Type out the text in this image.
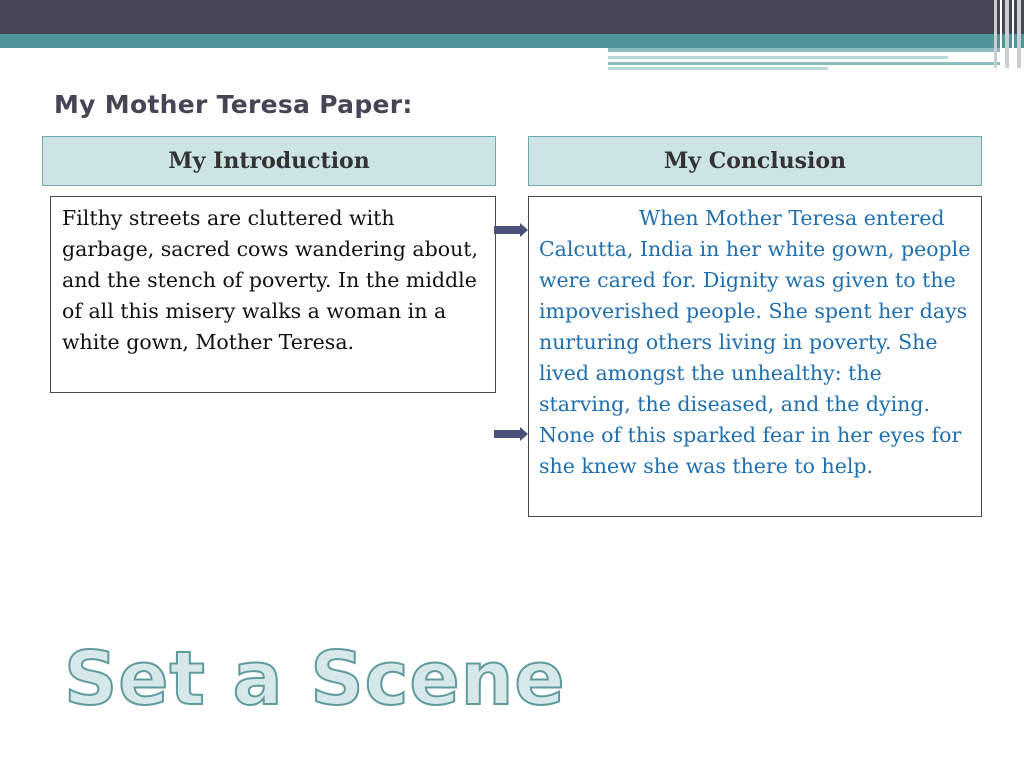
My Mother Teresa Paper:
My Introduction	My Conclusion

Filthy streets are cluttered with garbage, sacred cows wandering about, and the stench of poverty. In the middle of all this misery walks a woman in a white gown, Mother Teresa.

When Mother Teresa entered Calcutta, India in her white gown, people were cared for. Dignity was given to the impoverished people. She spent her days nurturing others living in poverty. She lived amongst the unhealthy: the starving, the diseased, and the dying. None of this sparked fear in her eyes for she knew she was there to help.

Set a Scene
